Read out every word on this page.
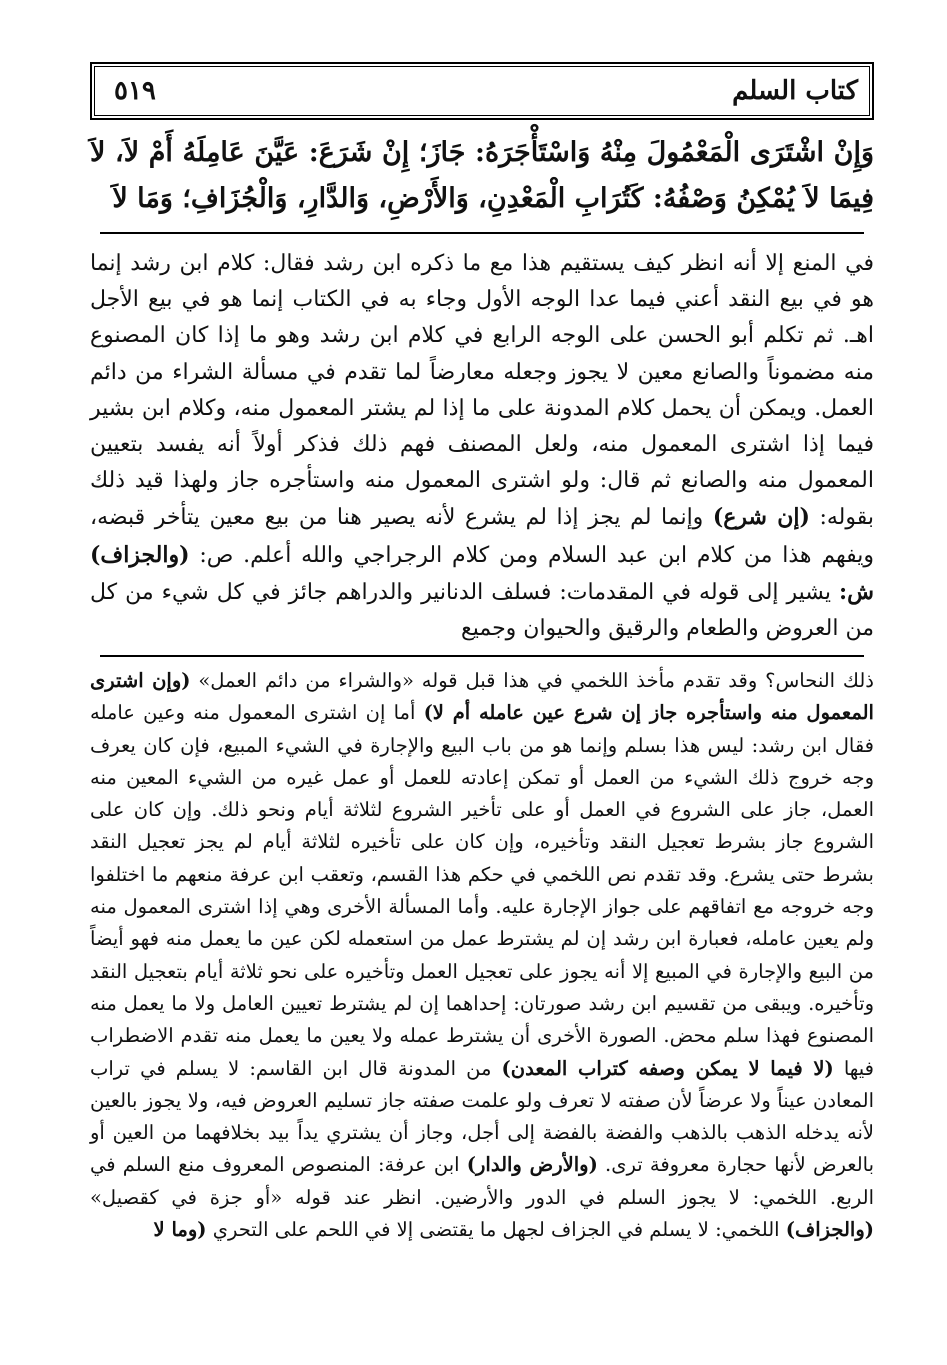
كتاب السلم
٥١٩
وَإِنْ اشْتَرَى الْمَعْمُولَ مِنْهُ وَاسْتَأْجَرَهُ: جَازَ؛ إِنْ شَرَعَ: عَيَّنَ عَامِلَهُ أَمْ لاَ، لاَ فِيمَا لاَ يُمْكِنُ وَصْفُهُ: كَتُرَابِ الْمَعْدِنِ، وَالأَرْضِ، وَالدَّارِ، وَالْجُزَافِ؛ وَمَا لاَ
في المنع إلا أنه انظر كيف يستقيم هذا مع ما ذكره ابن رشد فقال: كلام ابن رشد إنما هو في بيع النقد أعني فيما عدا الوجه الأول وجاء به في الكتاب إنما هو في بيع الأجل اهـ. ثم تكلم أبو الحسن على الوجه الرابع في كلام ابن رشد وهو ما إذا كان المصنوع منه مضموناً والصانع معين لا يجوز وجعله معارضاً لما تقدم في مسألة الشراء من دائم العمل. ويمكن أن يحمل كلام المدونة على ما إذا لم يشتر المعمول منه، وكلام ابن بشير فيما إذا اشترى المعمول منه، ولعل المصنف فهم ذلك فذكر أولاً أنه يفسد بتعيين المعمول منه والصانع ثم قال: ولو اشترى المعمول منه واستأجره جاز ولهذا قيد ذلك بقوله: (إن شرع) وإنما لم يجز إذا لم يشرع لأنه يصير هنا من بيع معين يتأخر قبضه، ويفهم هذا من كلام ابن عبد السلام ومن كلام الرجراجي والله أعلم. ص: (والجزاف) ش: يشير إلى قوله في المقدمات: فسلف الدنانير والدراهم جائز في كل شيء من كل من العروض والطعام والرقيق والحيوان وجميع
ذلك النحاس؟ وقد تقدم مأخذ اللخمي في هذا قبل قوله «والشراء من دائم العمل» (وإن اشترى المعمول منه واستأجره جاز إن شرع عين عامله أم لا) أما إن اشترى المعمول منه وعين عامله فقال ابن رشد: ليس هذا بسلم وإنما هو من باب البيع والإجارة في الشيء المبيع، فإن كان يعرف وجه خروج ذلك الشيء من العمل أو تمكن إعادته للعمل أو عمل غيره من الشيء المعين منه العمل، جاز على الشروع في العمل أو على تأخير الشروع لثلاثة أيام ونحو ذلك. وإن كان على الشروع جاز بشرط تعجيل النقد وتأخيره، وإن كان على تأخيره لثلاثة أيام لم يجز تعجيل النقد بشرط حتى يشرع. وقد تقدم نص اللخمي في حكم هذا القسم، وتعقب ابن عرفة منعهم ما اختلفوا وجه خروجه مع اتفاقهم على جواز الإجارة عليه. وأما المسألة الأخرى وهي إذا اشترى المعمول منه ولم يعين عامله، فعبارة ابن رشد إن لم يشترط عمل من استعمله لكن عين ما يعمل منه فهو أيضاً من البيع والإجارة في المبيع إلا أنه يجوز على تعجيل العمل وتأخيره على نحو ثلاثة أيام بتعجيل النقد وتأخيره. ويبقى من تقسيم ابن رشد صورتان: إحداهما إن لم يشترط تعيين العامل ولا ما يعمل منه المصنوع فهذا سلم محض. الصورة الأخرى أن يشترط عمله ولا يعين ما يعمل منه تقدم الاضطراب فيها (لا فيما لا يمكن وصفه كتراب المعدن) من المدونة قال ابن القاسم: لا يسلم في تراب المعادن عيناً ولا عرضاً لأن صفته لا تعرف ولو علمت صفته جاز تسليم العروض فيه، ولا يجوز بالعين لأنه يدخله الذهب بالذهب والفضة بالفضة إلى أجل، وجاز أن يشتري يداً بيد بخلافهما من العين أو بالعرض لأنها حجارة معروفة ترى. (والأرض والدار) ابن عرفة: المنصوص المعروف منع السلم في الربع. اللخمي: لا يجوز السلم في الدور والأرضين. انظر عند قوله «أو جزة في كقصيل» (والجزاف) اللخمي: لا يسلم في الجزاف لجهل ما يقتضى إلا في اللحم على التحري (وما لا
